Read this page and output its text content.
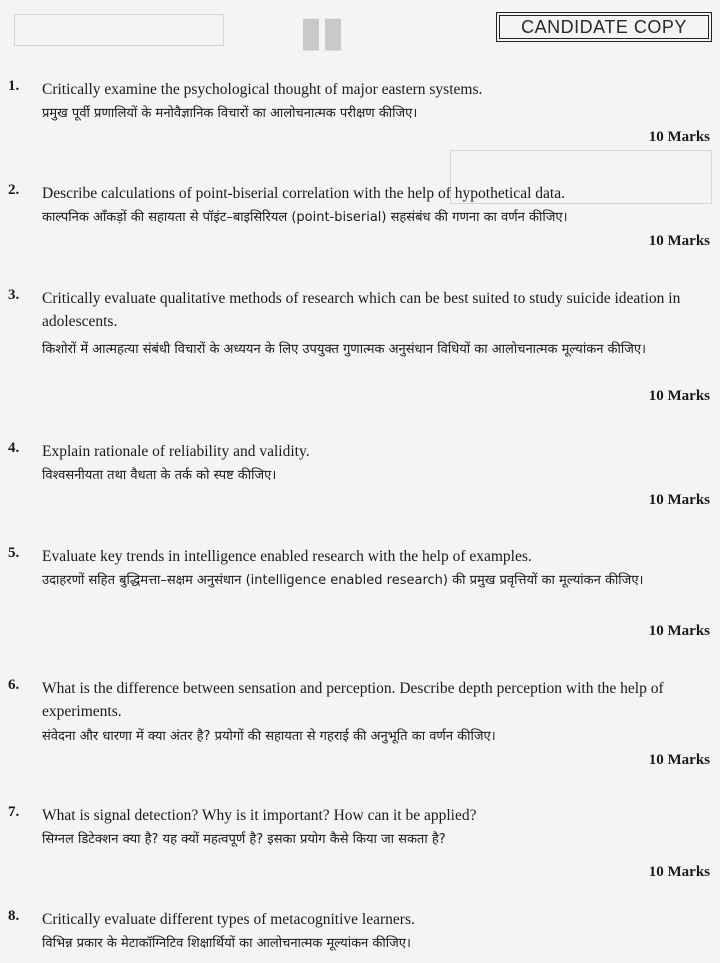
▮▮	CANDIDATE COPY
1. Critically examine the psychological thought of major eastern systems.
प्रमुख पूर्वी प्रणालियों के मनोवैज्ञानिक विचारों का आलोचनात्मक परीक्षण कीजिए।
10 Marks
2. Describe calculations of point-biserial correlation with the help of hypothetical data.
काल्पनिक आँकड़ों की सहायता से पॉइंट–बाइसिरियल (point-biserial) सहसंबंध की गणना का वर्णन कीजिए।
10 Marks
3. Critically evaluate qualitative methods of research which can be best suited to study suicide ideation in adolescents.
किशोरों में आत्महत्या संबंधी विचारों के अध्ययन के लिए उपयुक्त गुणात्मक अनुसंधान विधियों का आलोचनात्मक मूल्यांकन कीजिए।
10 Marks
4. Explain rationale of reliability and validity.
विश्वसनीयता तथा वैधता के तर्क को स्पष्ट कीजिए।
10 Marks
5. Evaluate key trends in intelligence enabled research with the help of examples.
उदाहरणों सहित बुद्धिमत्ता–सक्षम अनुसंधान (intelligence enabled research) की प्रमुख प्रवृत्तियों का मूल्यांकन कीजिए।
10 Marks
6. What is the difference between sensation and perception. Describe depth perception with the help of experiments.
संवेदना और धारणा में क्या अंतर है? प्रयोगों की सहायता से गहराई की अनुभूति का वर्णन कीजिए।
10 Marks
7. What is signal detection? Why is it important? How can it be applied?
सिग्नल डिटेक्शन क्या है? यह क्यों महत्वपूर्ण है? इसका प्रयोग कैसे किया जा सकता है?
10 Marks
8. Critically evaluate different types of metacognitive learners.
विभिन्न प्रकार के मेटाकॉग्निटिव शिक्षार्थियों का आलोचनात्मक मूल्यांकन कीजिए।
